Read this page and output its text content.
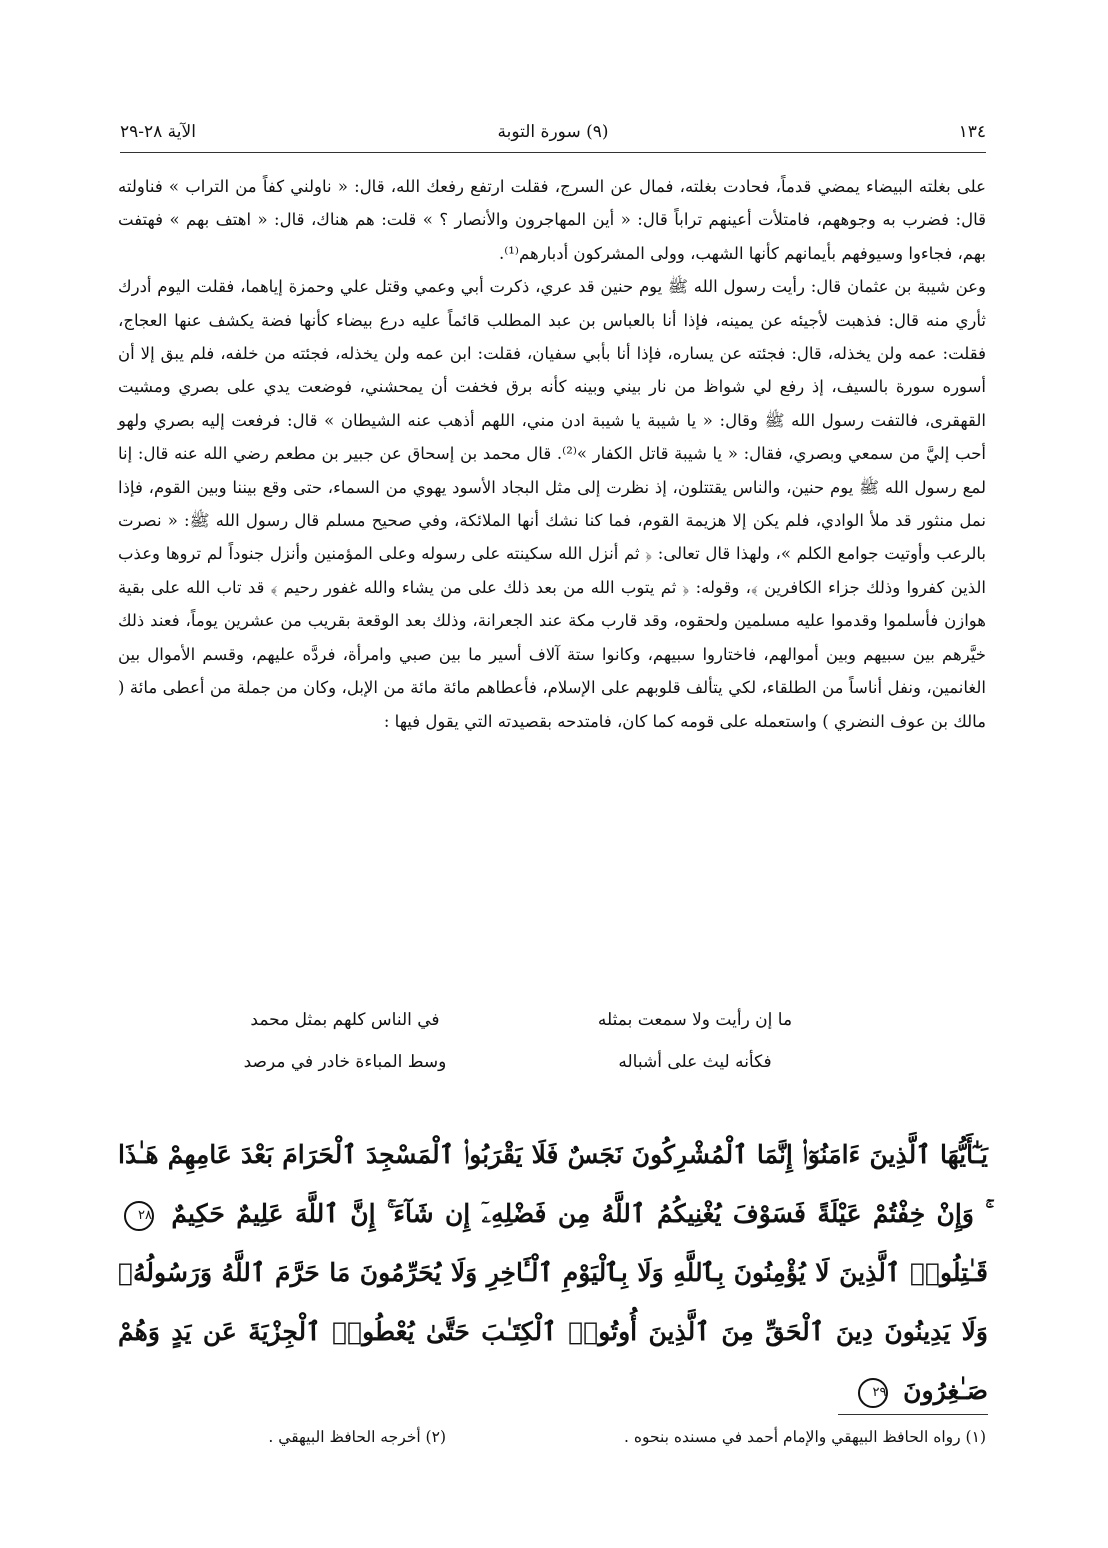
١٣٤
(٩) سورة التوبة
الآية ٢٨-٢٩

على بغلته البيضاء يمضي قدماً، فحادت بغلته، فمال عن السرج، فقلت ارتفع رفعك الله، قال: « ناولني كفاً من التراب » فناولته قال: فضرب به وجوههم، فامتلأت أعينهم تراباً قال: « أين المهاجرون والأنصار ؟ » قلت: هم هناك، قال: « اهتف بهم » فهتفت بهم، فجاءوا وسيوفهم بأيمانهم كأنها الشهب، وولى المشركون أدبارهم⁽¹⁾.

وعن شيبة بن عثمان قال: رأيت رسول الله ﷺ يوم حنين قد عري، ذكرت أبي وعمي وقتل علي وحمزة إياهما، فقلت اليوم أدرك ثأري منه قال: فذهبت لأجيئه عن يمينه، فإذا أنا بالعباس بن عبد المطلب قائماً عليه درع بيضاء كأنها فضة يكشف عنها العجاج، فقلت: عمه ولن يخذله، قال: فجئته عن يساره، فإذا أنا بأبي سفيان، فقلت: ابن عمه ولن يخذله، فجئته من خلفه، فلم يبق إلا أن أسوره سورة بالسيف، إذ رفع لي شواظ من نار بيني وبينه كأنه برق فخفت أن يمحشني، فوضعت يدي على بصري ومشيت القهقرى، فالتفت رسول الله ﷺ وقال: « يا شيبة يا شيبة ادن مني، اللهم أذهب عنه الشيطان » قال: فرفعت إليه بصري ولهو أحب إليَّ من سمعي وبصري، فقال: « يا شيبة قاتل الكفار »⁽²⁾. قال محمد بن إسحاق عن جبير بن مطعم رضي الله عنه قال: إنا لمع رسول الله ﷺ يوم حنين، والناس يقتتلون، إذ نظرت إلى مثل البجاد الأسود يهوي من السماء، حتى وقع بيننا وبين القوم، فإذا نمل منثور قد ملأ الوادي، فلم يكن إلا هزيمة القوم، فما كنا نشك أنها الملائكة، وفي صحيح مسلم قال رسول الله ﷺ: « نصرت بالرعب وأوتيت جوامع الكلم »، ولهذا قال تعالى: ﴿ ثم أنزل الله سكينته على رسوله وعلى المؤمنين وأنزل جنوداً لم تروها وعذب الذين كفروا وذلك جزاء الكافرين ﴾، وقوله: ﴿ ثم يتوب الله من بعد ذلك على من يشاء والله غفور رحيم ﴾ قد تاب الله على بقية هوازن فأسلموا وقدموا عليه مسلمين ولحقوه، وقد قارب مكة عند الجعرانة، وذلك بعد الوقعة بقريب من عشرين يوماً، فعند ذلك خيَّرهم بين سبيهم وبين أموالهم، فاختاروا سبيهم، وكانوا ستة آلاف أسير ما بين صبي وامرأة، فردَّه عليهم، وقسم الأموال بين الغانمين، ونفل أناساً من الطلقاء، لكي يتألف قلوبهم على الإسلام، فأعطاهم مائة مائة من الإبل، وكان من جملة من أعطى مائة ( مالك بن عوف النضري ) واستعمله على قومه كما كان، فامتدحه بقصيدته التي يقول فيها :

ما إن رأيت ولا سمعت بمثله
في الناس كلهم بمثل محمد
فكأنه ليث على أشباله
وسط المباءة خادر في مرصد
يَـٰٓأَيُّهَا ٱلَّذِينَ ءَامَنُوٓا۟ إِنَّمَا ٱلْمُشْرِكُونَ نَجَسٌ فَلَا يَقْرَبُوا۟ ٱلْمَسْجِدَ ٱلْحَرَامَ بَعْدَ عَامِهِمْ هَـٰذَا ۚ وَإِنْ خِفْتُمْ عَيْلَةً فَسَوْفَ يُغْنِيكُمُ ٱللَّهُ مِن فَضْلِهِۦٓ إِن شَآءَ ۚ إِنَّ ٱللَّهَ عَلِيمٌ حَكِيمٌ ٢٨ قَـٰتِلُوا۟ ٱلَّذِينَ لَا يُؤْمِنُونَ بِٱللَّهِ وَلَا بِٱلْيَوْمِ ٱلْـَٔاخِرِ وَلَا يُحَرِّمُونَ مَا حَرَّمَ ٱللَّهُ وَرَسُولُهُۥ وَلَا يَدِينُونَ دِينَ ٱلْحَقِّ مِنَ ٱلَّذِينَ أُوتُوا۟ ٱلْكِتَـٰبَ حَتَّىٰ يُعْطُوا۟ ٱلْجِزْيَةَ عَن يَدٍ وَهُمْ صَـٰغِرُونَ ٢٩
(١) رواه الحافظ البيهقي والإمام أحمد في مسنده بنحوه .
(٢) أخرجه الحافظ البيهقي .
